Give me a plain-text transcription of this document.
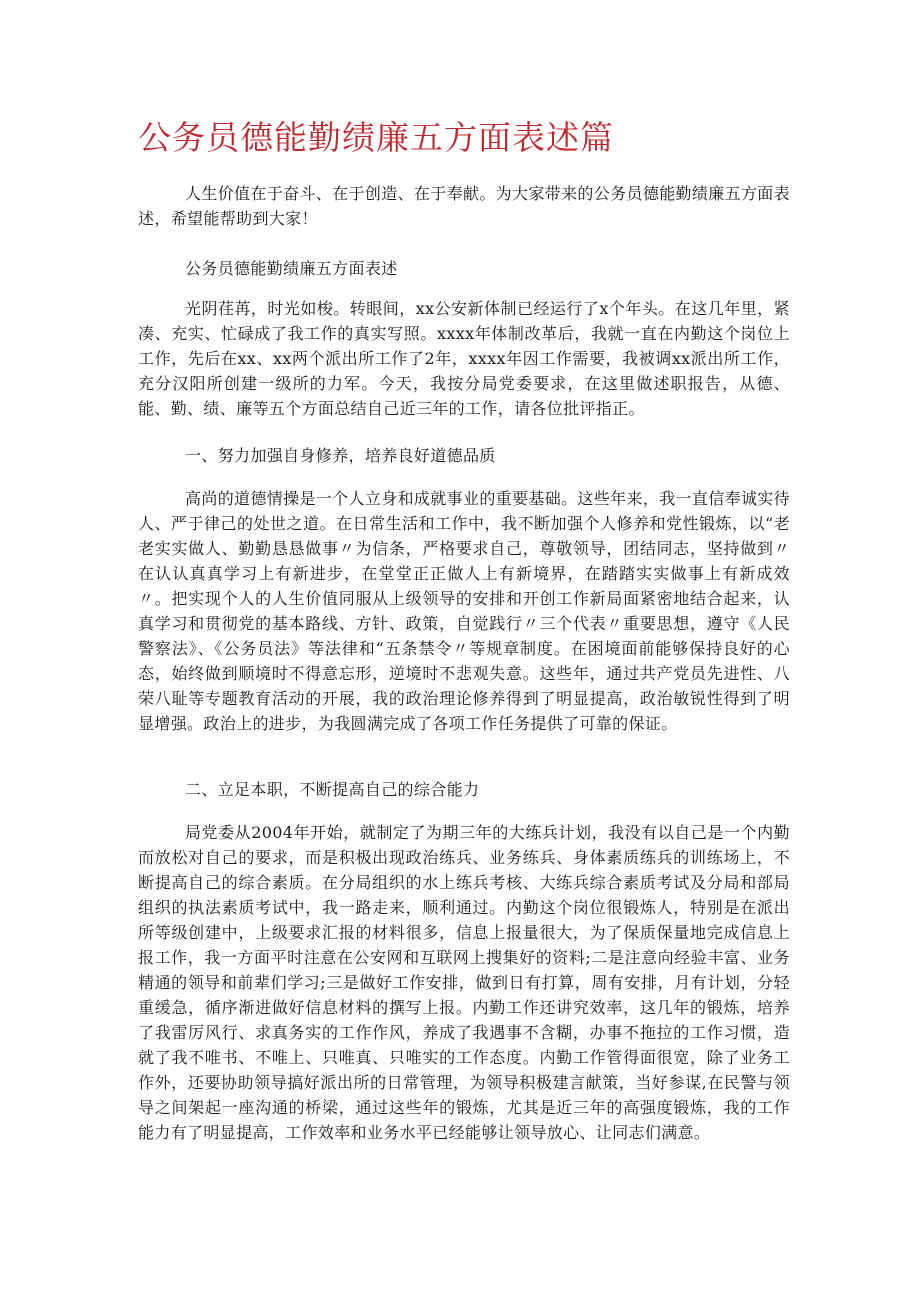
公务员德能勤绩廉五方面表述篇

人生价值在于奋斗、在于创造、在于奉献。为大家带来的公务员德能勤绩廉五方面表述，希望能帮助到大家！

公务员德能勤绩廉五方面表述

光阴荏苒，时光如梭。转眼间，xx公安新体制已经运行了x个年头。在这几年里，紧凑、充实、忙碌成了我工作的真实写照。xxxx年体制改革后，我就一直在内勤这个岗位上工作，先后在xx、xx两个派出所工作了2年，xxxx年因工作需要，我被调xx派出所工作，充分汉阳所创建一级所的力军。今天，我按分局党委要求，在这里做述职报告，从德、能、勤、绩、廉等五个方面总结自己近三年的工作，请各位批评指正。

一、努力加强自身修养，培养良好道德品质

高尚的道德情操是一个人立身和成就事业的重要基础。这些年来，我一直信奉诚实待人、严于律己的处世之道。在日常生活和工作中，我不断加强个人修养和党性锻炼，以“老老实实做人、勤勤恳恳做事〃为信条，严格要求自己，尊敬领导，团结同志，坚持做到〃在认认真真学习上有新进步，在堂堂正正做人上有新境界，在踏踏实实做事上有新成效〃。把实现个人的人生价值同服从上级领导的安排和开创工作新局面紧密地结合起来，认真学习和贯彻党的基本路线、方针、政策，自觉践行〃三个代表〃重要思想，遵守《人民警察法》、《公务员法》等法律和“五条禁令〃等规章制度。在困境面前能够保持良好的心态，始终做到顺境时不得意忘形，逆境时不悲观失意。这些年，通过共产党员先进性、八荣八耻等专题教育活动的开展，我的政治理论修养得到了明显提高，政治敏锐性得到了明显增强。政治上的进步，为我圆满完成了各项工作任务提供了可靠的保证。

二、立足本职，不断提高自己的综合能力

局党委从2004年开始，就制定了为期三年的大练兵计划，我没有以自己是一个内勤而放松对自己的要求，而是积极出现政治练兵、业务练兵、身体素质练兵的训练场上，不断提高自己的综合素质。在分局组织的水上练兵考核、大练兵综合素质考试及分局和部局组织的执法素质考试中，我一路走来，顺利通过。内勤这个岗位很锻炼人，特别是在派出所等级创建中，上级要求汇报的材料很多，信息上报量很大，为了保质保量地完成信息上报工作，我一方面平时注意在公安网和互联网上搜集好的资料;二是注意向经验丰富、业务精通的领导和前辈们学习;三是做好工作安排，做到日有打算，周有安排，月有计划，分轻重缓急，循序渐进做好信息材料的撰写上报。内勤工作还讲究效率，这几年的锻炼，培养了我雷厉风行、求真务实的工作作风，养成了我遇事不含糊，办事不拖拉的工作习惯，造就了我不唯书、不唯上、只唯真、只唯实的工作态度。内勤工作管得面很宽，除了业务工作外，还要协助领导搞好派出所的日常管理，为领导积极建言献策，当好参谋,在民警与领导之间架起一座沟通的桥梁，通过这些年的锻炼，尤其是近三年的高强度锻炼，我的工作能力有了明显提高，工作效率和业务水平已经能够让领导放心、让同志们满意。
